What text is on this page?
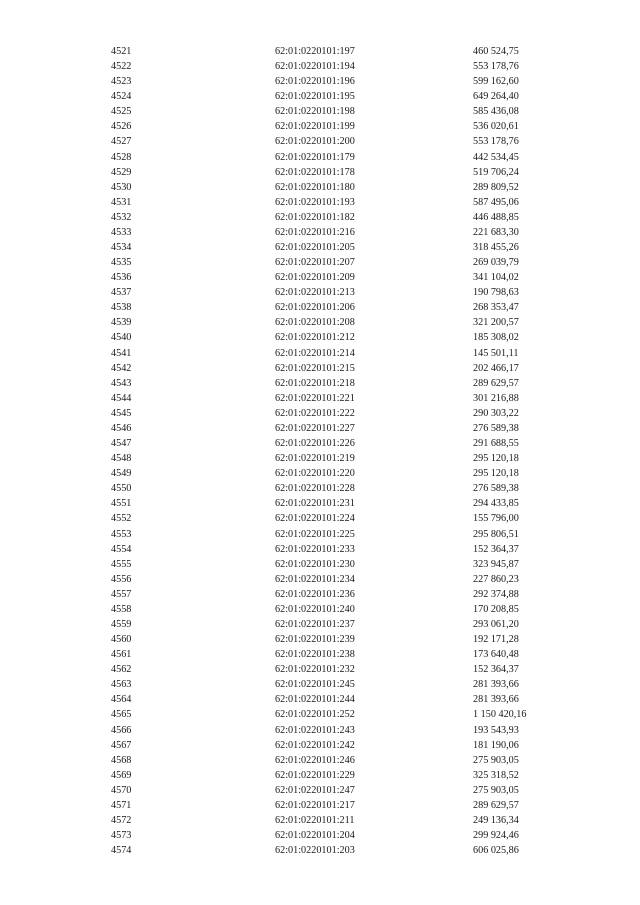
4521	62:01:0220101:197	460 524,75
4522	62:01:0220101:194	553 178,76
4523	62:01:0220101:196	599 162,60
4524	62:01:0220101:195	649 264,40
4525	62:01:0220101:198	585 436,08
4526	62:01:0220101:199	536 020,61
4527	62:01:0220101:200	553 178,76
4528	62:01:0220101:179	442 534,45
4529	62:01:0220101:178	519 706,24
4530	62:01:0220101:180	289 809,52
4531	62:01:0220101:193	587 495,06
4532	62:01:0220101:182	446 488,85
4533	62:01:0220101:216	221 683,30
4534	62:01:0220101:205	318 455,26
4535	62:01:0220101:207	269 039,79
4536	62:01:0220101:209	341 104,02
4537	62:01:0220101:213	190 798,63
4538	62:01:0220101:206	268 353,47
4539	62:01:0220101:208	321 200,57
4540	62:01:0220101:212	185 308,02
4541	62:01:0220101:214	145 501,11
4542	62:01:0220101:215	202 466,17
4543	62:01:0220101:218	289 629,57
4544	62:01:0220101:221	301 216,88
4545	62:01:0220101:222	290 303,22
4546	62:01:0220101:227	276 589,38
4547	62:01:0220101:226	291 688,55
4548	62:01:0220101:219	295 120,18
4549	62:01:0220101:220	295 120,18
4550	62:01:0220101:228	276 589,38
4551	62:01:0220101:231	294 433,85
4552	62:01:0220101:224	155 796,00
4553	62:01:0220101:225	295 806,51
4554	62:01:0220101:233	152 364,37
4555	62:01:0220101:230	323 945,87
4556	62:01:0220101:234	227 860,23
4557	62:01:0220101:236	292 374,88
4558	62:01:0220101:240	170 208,85
4559	62:01:0220101:237	293 061,20
4560	62:01:0220101:239	192 171,28
4561	62:01:0220101:238	173 640,48
4562	62:01:0220101:232	152 364,37
4563	62:01:0220101:245	281 393,66
4564	62:01:0220101:244	281 393,66
4565	62:01:0220101:252	1 150 420,16
4566	62:01:0220101:243	193 543,93
4567	62:01:0220101:242	181 190,06
4568	62:01:0220101:246	275 903,05
4569	62:01:0220101:229	325 318,52
4570	62:01:0220101:247	275 903,05
4571	62:01:0220101:217	289 629,57
4572	62:01:0220101:211	249 136,34
4573	62:01:0220101:204	299 924,46
4574	62:01:0220101:203	606 025,86
